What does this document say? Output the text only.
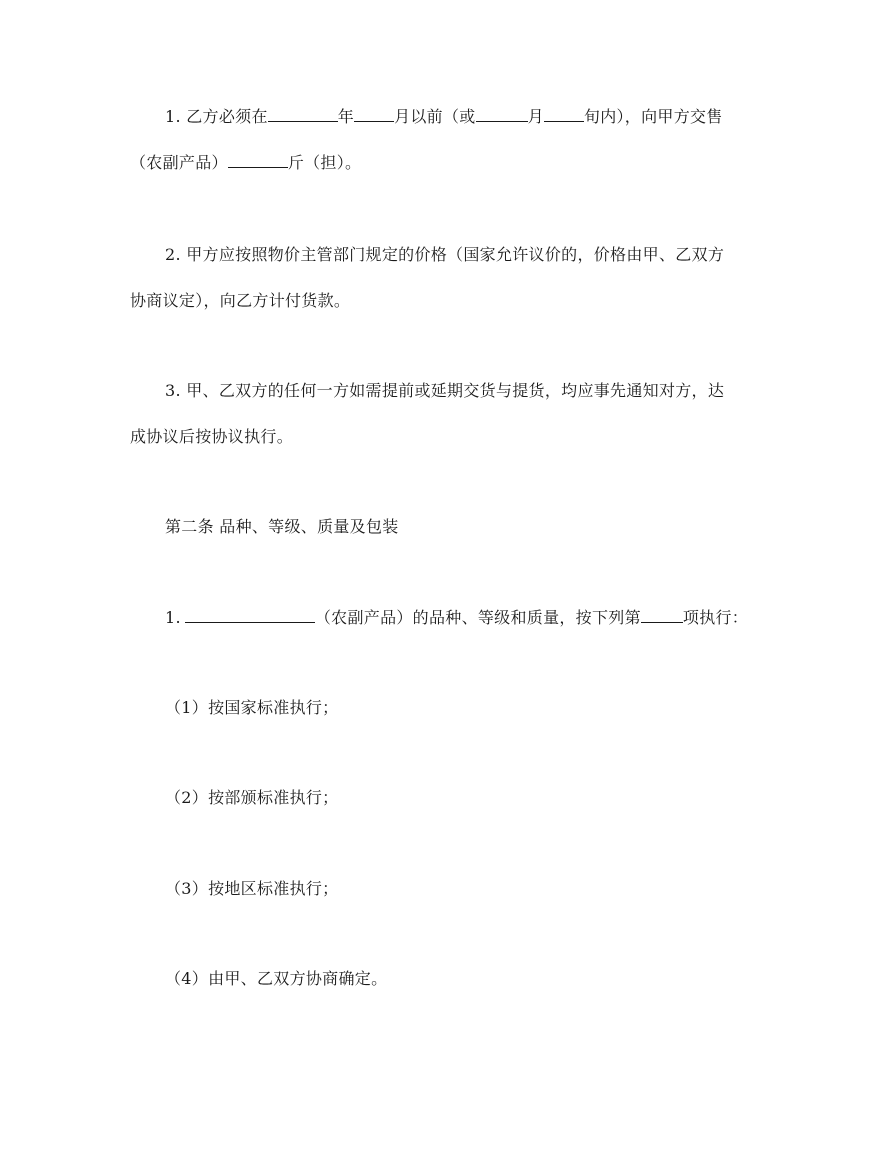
1. 乙方必须在	年	月以前（或	月	旬内），向甲方交售
（农副产品）	斤（担）。
2. 甲方应按照物价主管部门规定的价格（国家允许议价的，价格由甲、乙双方
协商议定），向乙方计付货款。
3. 甲、乙双方的任何一方如需提前或延期交货与提货，均应事先通知对方，达
成协议后按协议执行。
第二条 品种、等级、质量及包装
1.	（农副产品）的品种、等级和质量，按下列第	项执行：
（1）按国家标准执行；
（2）按部颁标准执行；
（3）按地区标准执行；
（4）由甲、乙双方协商确定。
